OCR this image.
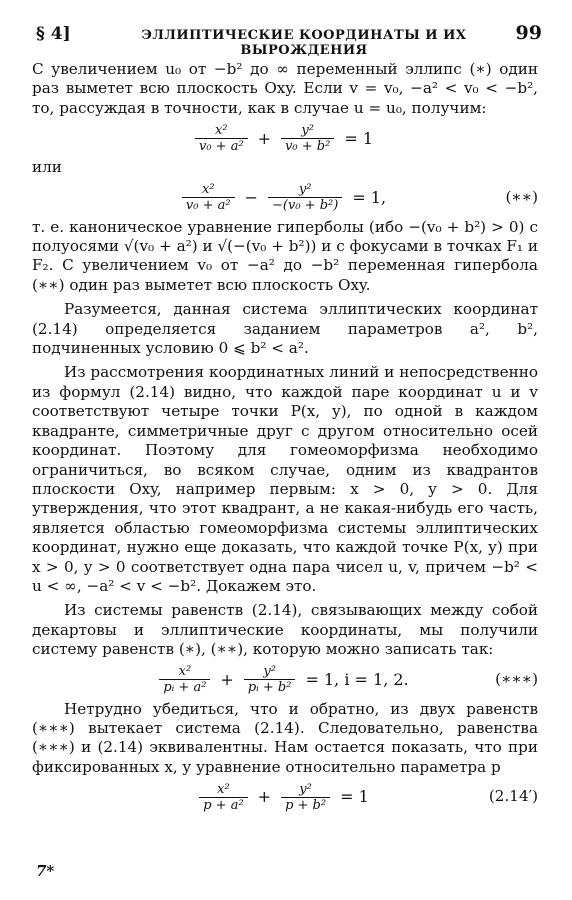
§ 4]	ЭЛЛИПТИЧЕСКИЕ КООРДИНАТЫ И ИХ ВЫРОЖДЕНИЯ
99

С увеличением u₀ от −b² до ∞ переменный эллипс (∗) один раз выметет всю плоскость Oxy. Если v = v₀, −a² < v₀ < −b², то, рассуждая в точности, как в случае u = u₀, получим:

$\frac{\text{x²}}{\text{v₀ + a²}} + \frac{\text{y²}}{\text{v₀ + b²}} = 1$

или

$\frac{\text{x²}}{\text{v₀ + a²}} - \frac{\text{y²}}{\text{−(v₀ + b²)}} = 1$,	(∗∗)

т. е. каноническое уравнение гиперболы (ибо −(v₀ + b²) > 0) с полуосями √(v₀ + a²) и √(−(v₀ + b²)) и с фокусами в точках F₁ и F₂. С увеличением v₀ от −a² до −b² переменная гипербола (∗∗) один раз выметет всю плоскость Oxy.

Разумеется, данная система эллиптических координат (2.14) определяется заданием параметров a², b², подчиненных условию 0 ⩽ b² < a².

Из рассмотрения координатных линий и непосредственно из формул (2.14) видно, что каждой паре координат u и v соответствуют четыре точки P(x, y), по одной в каждом квадранте, симметричные друг с другом относительно осей координат. Поэтому для гомеоморфизма необходимо ограничиться, во всяком случае, одним из квадрантов плоскости Oxy, например первым: x > 0, y > 0. Для утверждения, что этот квадрант, а не какая-нибудь его часть, является областью гомеоморфизма системы эллиптических координат, нужно еще доказать, что каждой точке P(x, y) при x > 0, y > 0 соответствует одна пара чисел u, v, причем −b² < u < ∞, −a² < v < −b². Докажем это.

Из системы равенств (2.14), связывающих между собой декартовы и эллиптические координаты, мы получили систему равенств (∗), (∗∗), которую можно записать так:

$\frac{\text{x²}}{\text{pᵢ + a²}} + \frac{\text{y²}}{\text{pᵢ + b²}} = 1$, i = 1, 2.	(∗∗∗)

Нетрудно убедиться, что и обратно, из двух равенств (∗∗∗) вытекает система (2.14). Следовательно, равенства (∗∗∗) и (2.14) эквивалентны. Нам остается показать, что при фиксированных x, y уравнение относительно параметра p

$\frac{\text{x²}}{\text{p + a²}} + \frac{\text{y²}}{\text{p + b²}} = 1$	(2.14′)
7*
